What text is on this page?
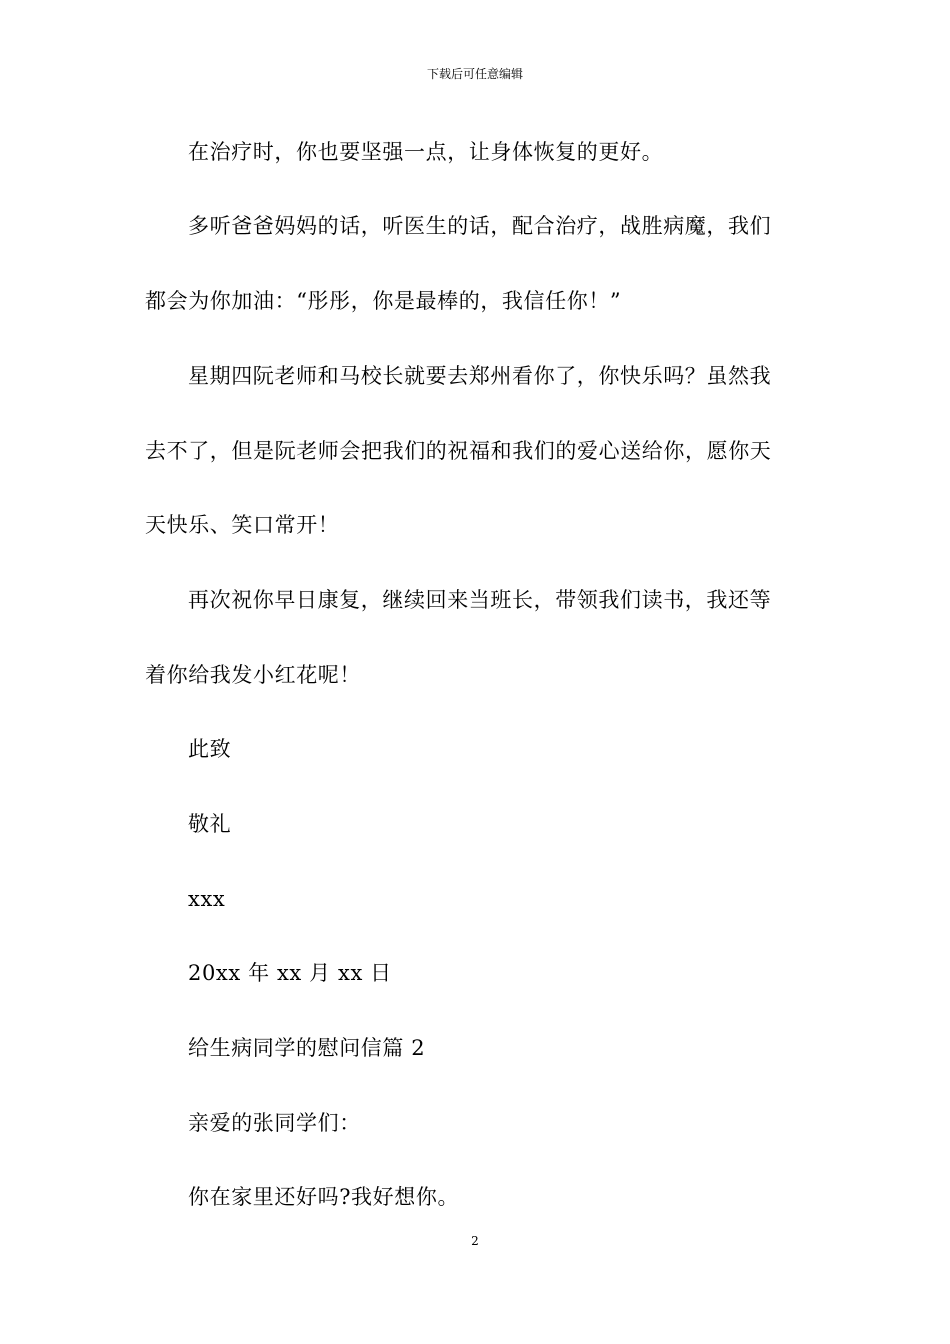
下载后可任意编辑
在治疗时，你也要坚强一点，让身体恢复的更好。
多听爸爸妈妈的话，听医生的话，配合治疗，战胜病魔，我们
都会为你加油：“彤彤，你是最棒的，我信任你！”
星期四阮老师和马校长就要去郑州看你了，你快乐吗？虽然我
去不了，但是阮老师会把我们的祝福和我们的爱心送给你，愿你天
天快乐、笑口常开！
再次祝你早日康复，继续回来当班长，带领我们读书，我还等
着你给我发小红花呢！
此致
敬礼
xxx
20xx 年 xx 月 xx 日
给生病同学的慰问信篇 2
亲爱的张同学们：
你在家里还好吗?我好想你。
2
